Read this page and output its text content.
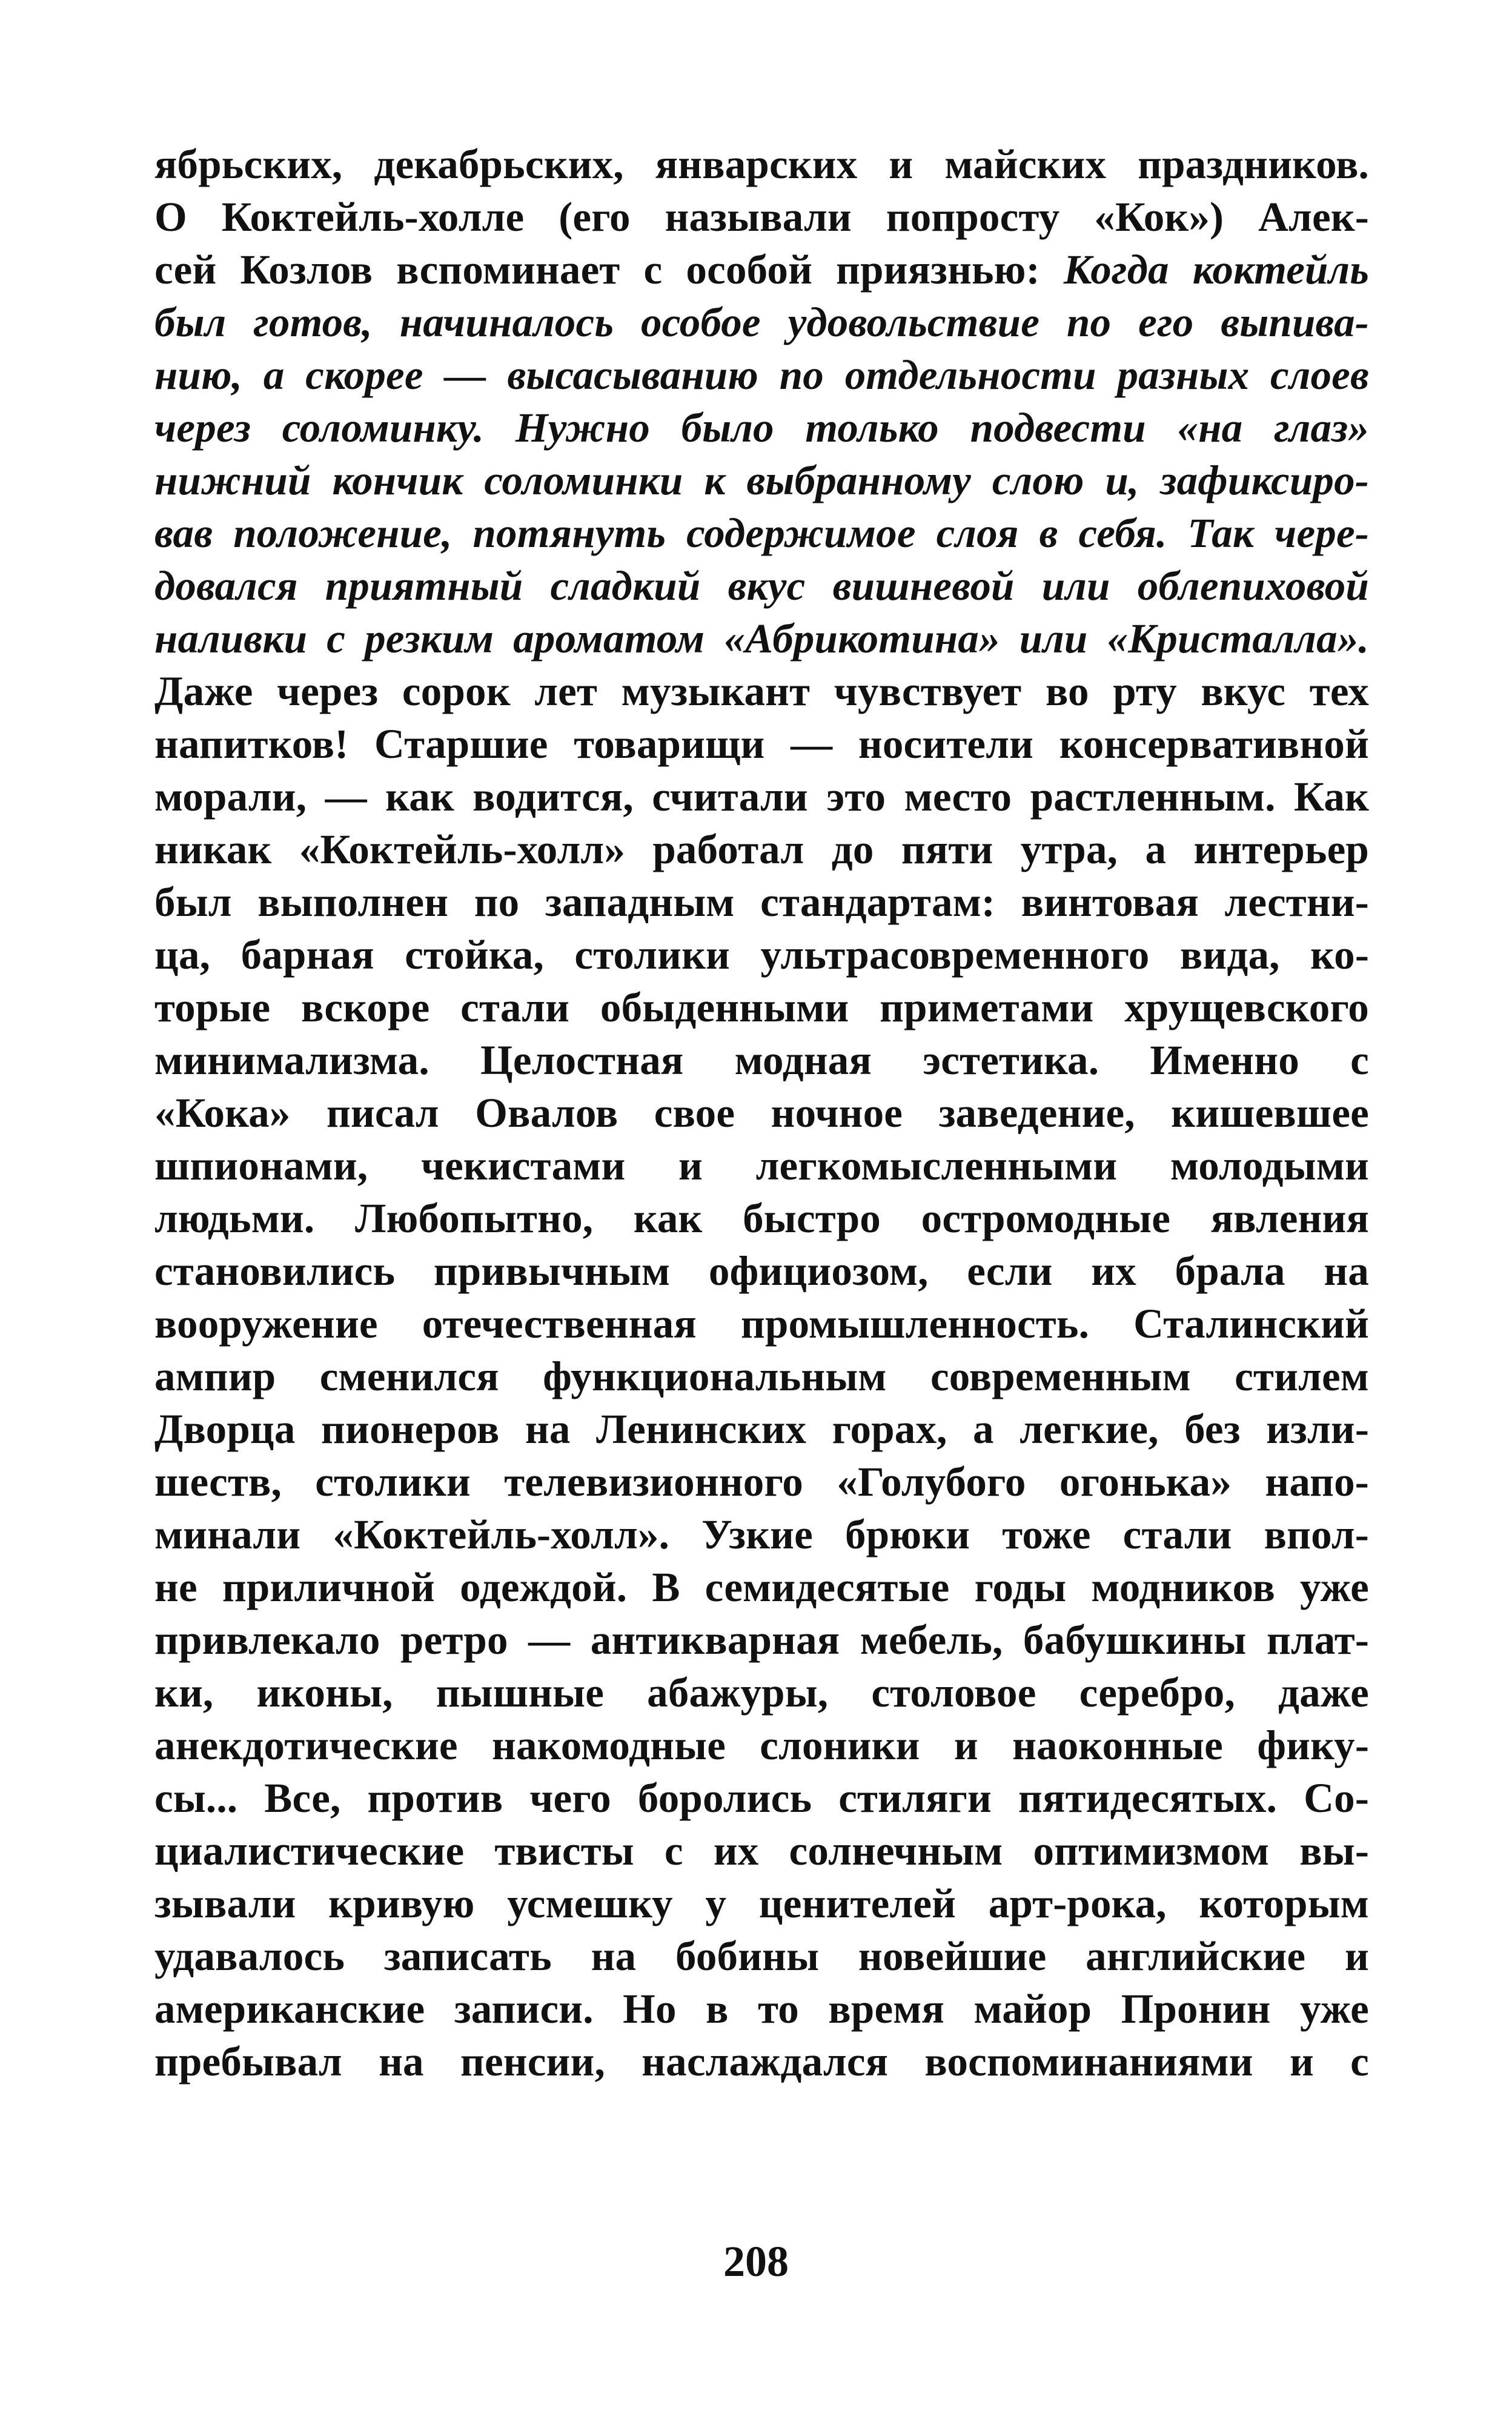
ябрьских, декабрьских, январских и майских праздников.
О Коктейль-холле (его называли попросту «Кок») Алек-
сей Козлов вспоминает с особой приязнью: Когда коктейль
был готов, начиналось особое удовольствие по его выпива-
нию, а скорее — высасыванию по отдельности разных слоев
через соломинку. Нужно было только подвести «на глаз»
нижний кончик соломинки к выбранному слою и, зафиксиро-
вав положение, потянуть содержимое слоя в себя. Так чере-
довался приятный сладкий вкус вишневой или облепиховой
наливки с резким ароматом «Абрикотина» или «Кристалла».
Даже через сорок лет музыкант чувствует во рту вкус тех
напитков! Старшие товарищи — носители консервативной
морали, — как водится, считали это место растленным. Как
никак «Коктейль-холл» работал до пяти утра, а интерьер
был выполнен по западным стандартам: винтовая лестни-
ца, барная стойка, столики ультрасовременного вида, ко-
торые вскоре стали обыденными приметами хрущевского
минимализма. Целостная модная эстетика. Именно с
«Кока» писал Овалов свое ночное заведение, кишевшее
шпионами, чекистами и легкомысленными молодыми
людьми. Любопытно, как быстро остромодные явления
становились привычным официозом, если их брала на
вооружение отечественная промышленность. Сталинский
ампир сменился функциональным современным стилем
Дворца пионеров на Ленинских горах, а легкие, без изли-
шеств, столики телевизионного «Голубого огонька» напо-
минали «Коктейль-холл». Узкие брюки тоже стали впол-
не приличной одеждой. В семидесятые годы модников уже
привлекало ретро — антикварная мебель, бабушкины плат-
ки, иконы, пышные абажуры, столовое серебро, даже
анекдотические накомодные слоники и наоконные фику-
сы... Все, против чего боролись стиляги пятидесятых. Со-
циалистические твисты с их солнечным оптимизмом вы-
зывали кривую усмешку у ценителей арт-рока, которым
удавалось записать на бобины новейшие английские и
американские записи. Но в то время майор Пронин уже
пребывал на пенсии, наслаждался воспоминаниями и с
208
